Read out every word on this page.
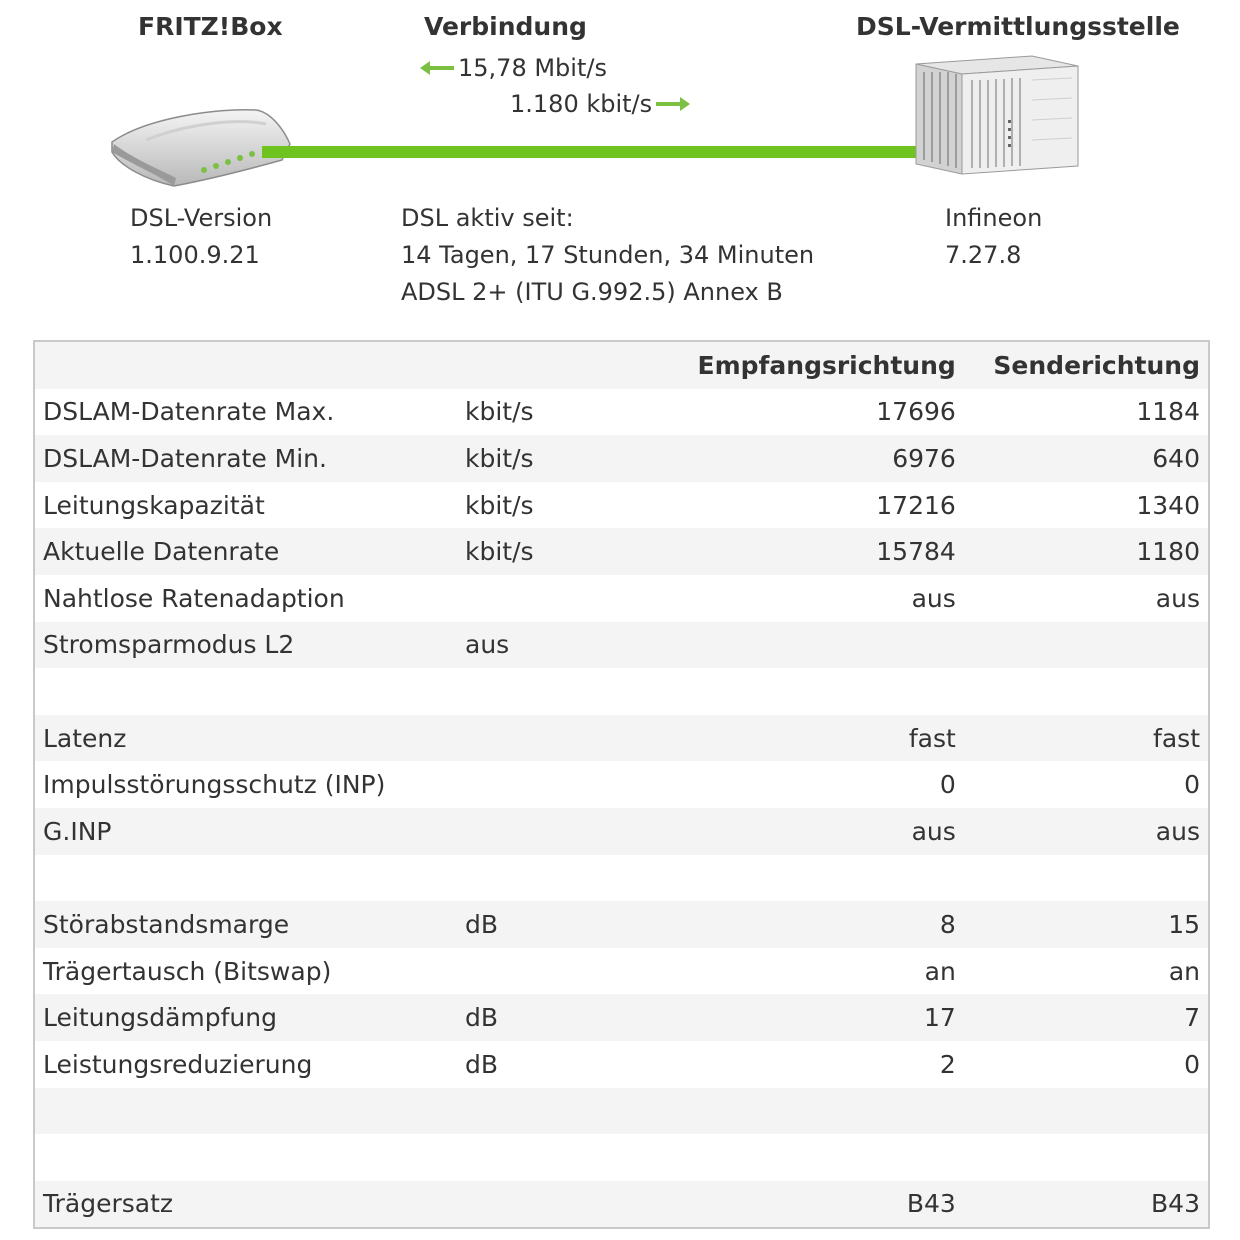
FRITZ!Box	Verbindung	DSL-Vermittlungsstelle
15,78 Mbit/s
1.180 kbit/s
DSL-Version
1.100.9.21
DSL aktiv seit:
14 Tagen, 17 Stunden, 34 Minuten
ADSL 2+ (ITU G.992.5) Annex B
Infineon
7.27.8
		Empfangsrichtung	Senderichtung
DSLAM-Datenrate Max.	kbit/s	17696	1184
DSLAM-Datenrate Min.	kbit/s	6976	640
Leitungskapazität	kbit/s	17216	1340
Aktuelle Datenrate	kbit/s	15784	1180
Nahtlose Ratenadaption		aus	aus
Stromsparmodus L2	aus		

Latenz		fast	fast
Impulsstörungsschutz (INP)		0	0
G.INP		aus	aus

Störabstandsmarge	dB	8	15
Trägertausch (Bitswap)		an	an
Leitungsdämpfung	dB	17	7
Leistungsreduzierung	dB	2	0

Trägersatz		B43	B43
